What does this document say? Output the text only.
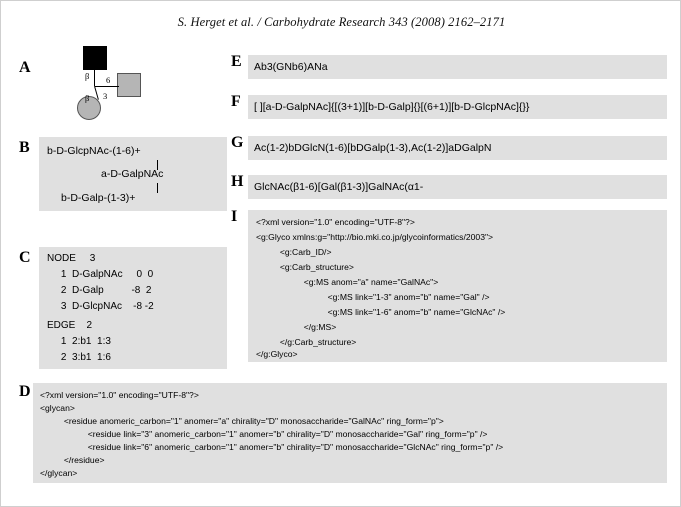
S. Herget et al. / Carbohydrate Research 343 (2008) 2162–2171
A	β 6
β 3
B b-D-GlcpNAc-(1-6)+
a-D-GalpNAc
b-D-Galp-(1-3)+
C NODE     3
1  D-GalpNAc     0  0
2  D-Galp          -8  2
3  D-GlcpNAc    -8 -2
EDGE    2
1  2:b1  1:3
2  3:b1  1:6
D <?xml version="1.0" encoding="UTF-8"?>
<glycan>
<residue anomeric_carbon="1" anomer="a" chirality="D" monosaccharide="GalNAc" ring_form="p">
<residue link="3" anomeric_carbon="1" anomer="b" chirality="D" monosaccharide="Gal" ring_form="p" />
<residue link="6" anomeric_carbon="1" anomer="b" chirality="D" monosaccharide="GlcNAc" ring_form="p" />
</residue>
</glycan>
E Ab3(GNb6)ANa
F [ ][a-D-GalpNAc]{[(3+1)][b-D-Galp]{}[(6+1)][b-D-GlcpNAc]{}}
G Ac(1-2)bDGlcN(1-6)[bDGalp(1-3),Ac(1-2)]aDGalpN
H GlcNAc(β1-6)[Gal(β1-3)]GalNAc(α1-
I <?xml version="1.0" encoding="UTF-8"?>
<g:Glyco xmlns:g="http://bio.mki.co.jp/glycoinformatics/2003">
<g:Carb_ID/>
<g:Carb_structure>
<g:MS anom="a" name="GalNAc">
<g:MS link="1-3" anom="b" name="Gal" />
<g:MS link="1-6" anom="b" name="GlcNAc" />
</g:MS>
</g:Carb_structure>
</g:Glyco>
